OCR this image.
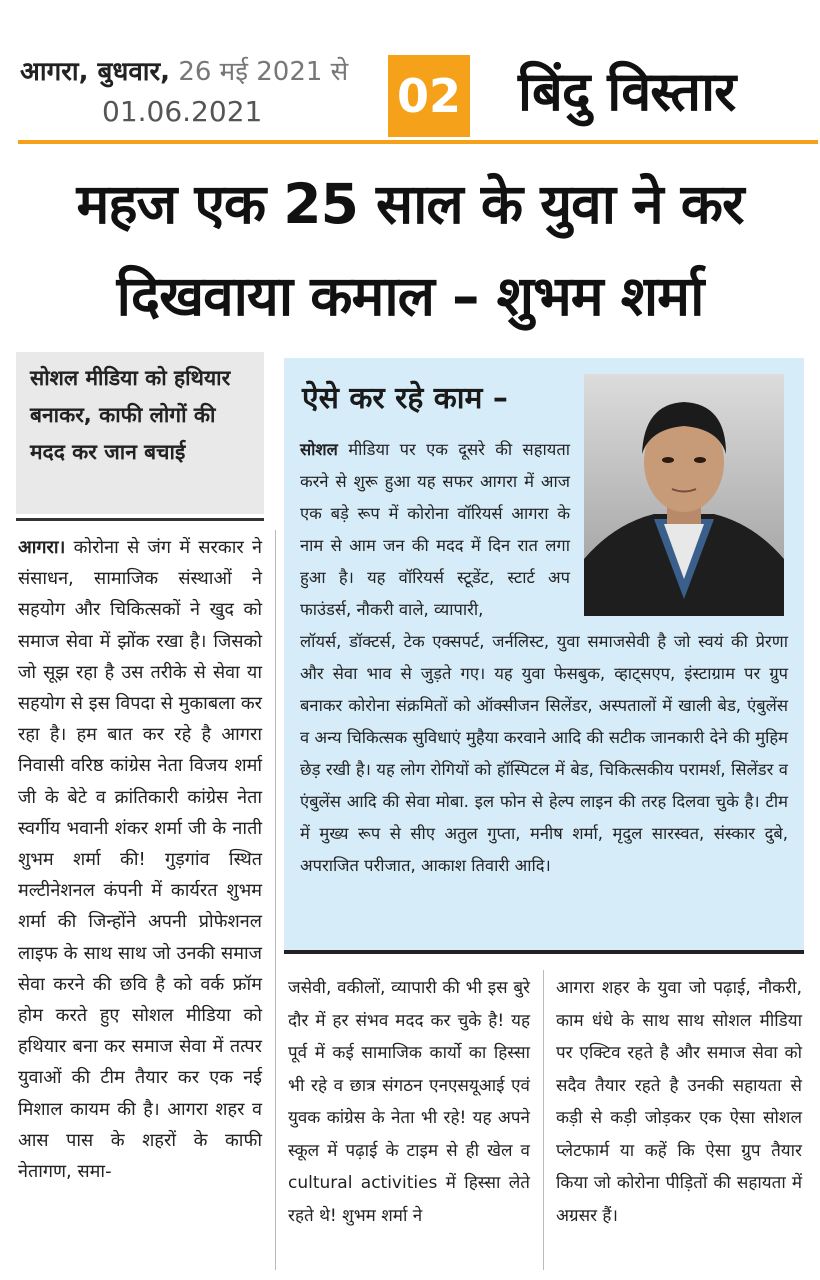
आगरा, बुधवार, 26 मई 2021 से
01.06.2021	02 बिंदु विस्तार
महज एक 25 साल के युवा ने कर
दिखवाया कमाल – शुभम शर्मा
सोशल मीडिया को हथियार बनाकर, काफी लोगों की मदद कर जान बचाई
आगरा। कोरोना से जंग में सरकार ने संसाधन, सामाजिक संस्थाओं ने सहयोग और चिकित्सकों ने खुद को समाज सेवा में झोंक रखा है। जिसको जो सूझ रहा है उस तरीके से सेवा या सहयोग से इस विपदा से मुकाबला कर रहा है। हम बात कर रहे है आगरा निवासी वरिष्ठ कांग्रेस नेता विजय शर्मा जी के बेटे व क्रांतिकारी कांग्रेस नेता स्वर्गीय भवानी शंकर शर्मा जी के नाती शुभम शर्मा की! गुड़गांव स्थित मल्टीनेशनल कंपनी में कार्यरत शुभम शर्मा की जिन्होंने अपनी प्रोफेशनल लाइफ के साथ साथ जो उनकी समाज सेवा करने की छवि है को वर्क फ्रॉम होम करते हुए सोशल मीडिया को हथियार बना कर समाज सेवा में तत्पर युवाओं की टीम तैयार कर एक नई मिशाल कायम की है। आगरा शहर व आस पास के शहरों के काफी नेतागण, समा-
ऐसे कर रहे काम –
सोशल मीडिया पर एक दूसरे की सहायता करने से शुरू हुआ यह सफर आगरा में आज एक बड़े रूप में कोरोना वॉरियर्स आगरा के नाम से आम जन की मदद में दिन रात लगा हुआ है। यह वॉरियर्स स्टूडेंट, स्टार्ट अप फाउंडर्स, नौकरी वाले, व्यापारी,
लॉयर्स, डॉक्टर्स, टेक एक्सपर्ट, जर्नलिस्ट, युवा समाजसेवी है जो स्वयं की प्रेरणा और सेवा भाव से जुड़ते गए। यह युवा फेसबुक, व्हाट्सएप, इंस्टाग्राम पर ग्रुप बनाकर कोरोना संक्रमितों को ऑक्सीजन सिलेंडर, अस्पतालों में खाली बेड, एंबुलेंस व अन्य चिकित्सक सुविधाएं मुहैया करवाने आदि की सटीक जानकारी देने की मुहिम छेड़ रखी है। यह लोग रोगियों को हॉस्पिटल में बेड, चिकित्सकीय परामर्श, सिलेंडर व एंबुलेंस आदि की सेवा मोबा. इल फोन से हेल्प लाइन की तरह दिलवा चुके है। टीम में मुख्य रूप से सीए अतुल गुप्ता, मनीष शर्मा, मृदुल सारस्वत, संस्कार दुबे, अपराजित परीजात, आकाश तिवारी आदि।
जसेवी, वकीलों, व्यापारी की भी इस बुरे दौर में हर संभव मदद कर चुके है! यह पूर्व में कई सामाजिक कार्यो का हिस्सा भी रहे व छात्र संगठन एनएसयूआई एवं युवक कांग्रेस के नेता भी रहे! यह अपने स्कूल में पढ़ाई के टाइम से ही खेल व cultural activities में हिस्सा लेते रहते थे! शुभम शर्मा ने
आगरा शहर के युवा जो पढ़ाई, नौकरी, काम धंधे के साथ साथ सोशल मीडिया पर एक्टिव रहते है और समाज सेवा को सदैव तैयार रहते है उनकी सहायता से कड़ी से कड़ी जोड़कर एक ऐसा सोशल प्लेटफार्म या कहें कि ऐसा ग्रुप तैयार किया जो कोरोना पीड़ितों की सहायता में अग्रसर हैं।
